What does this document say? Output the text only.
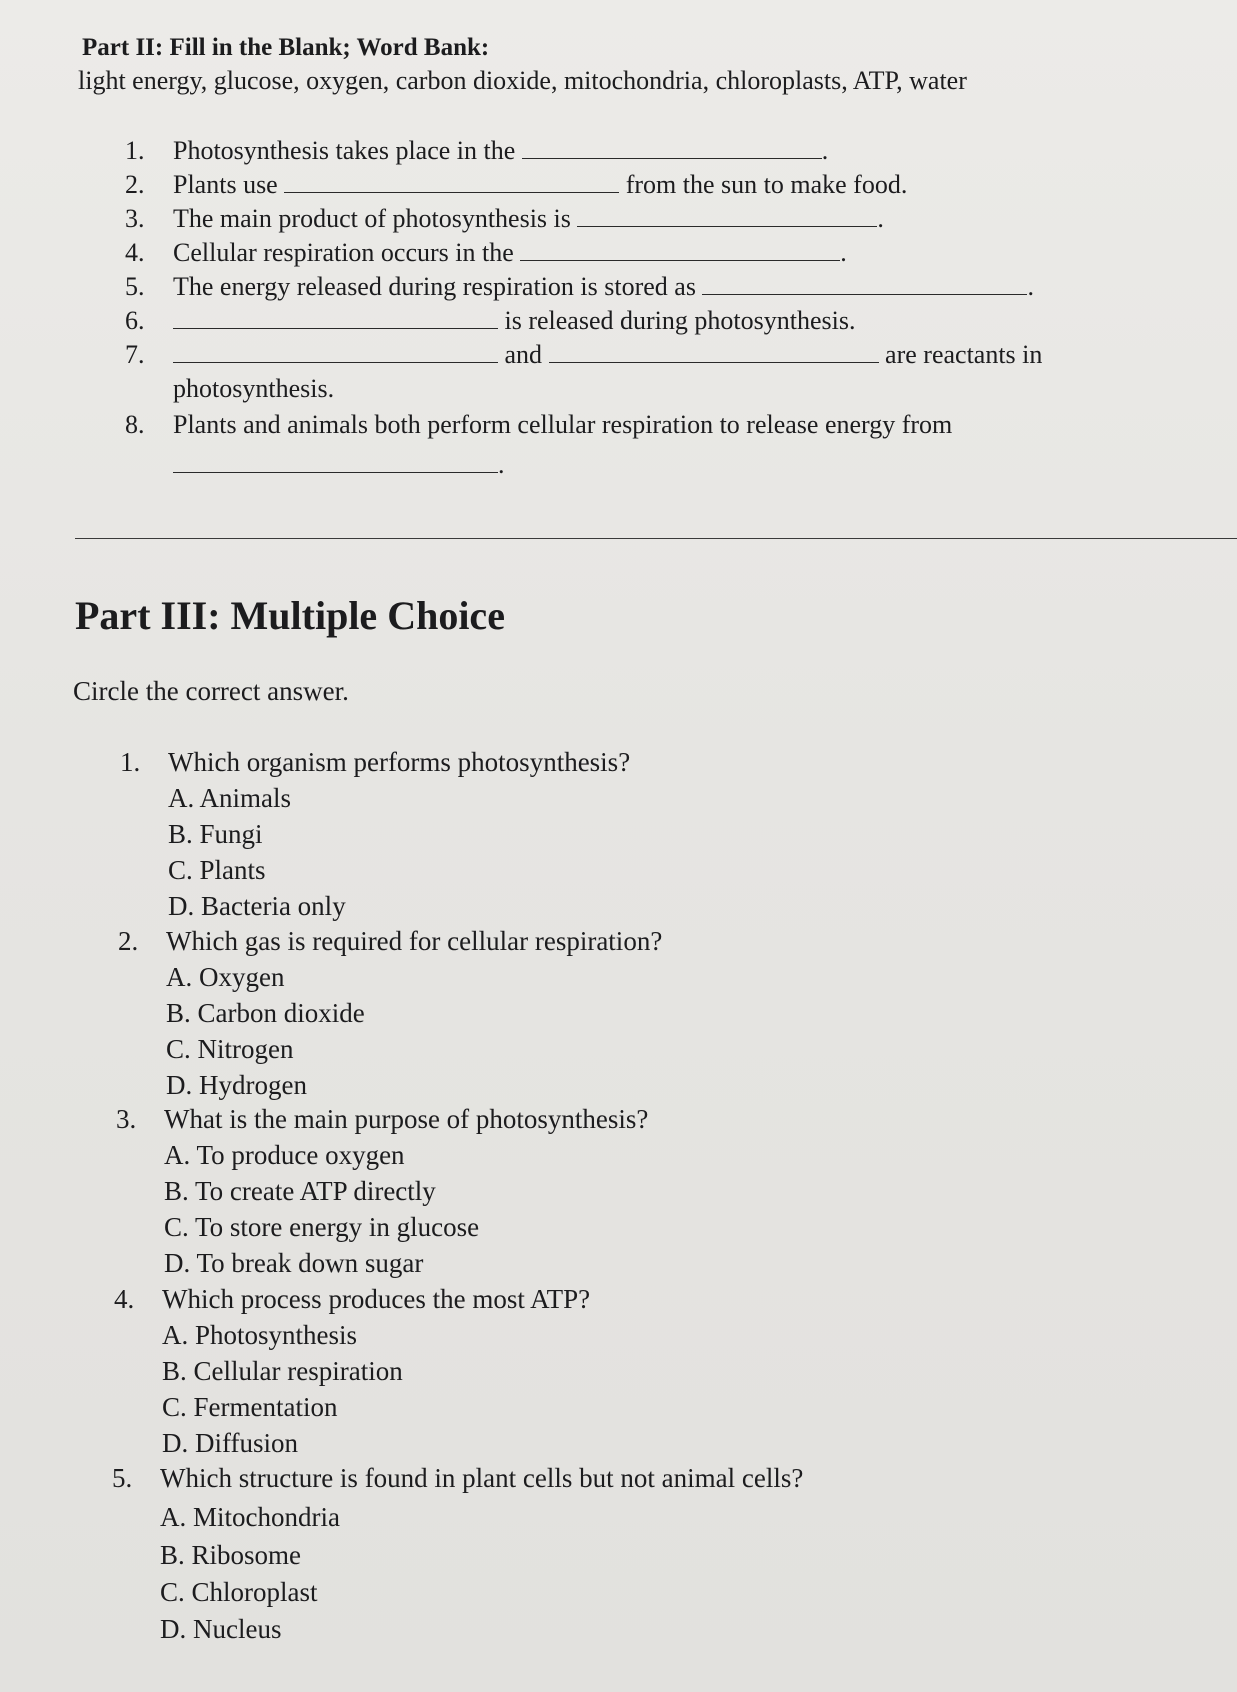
Part II: Fill in the Blank; Word Bank:
light energy, glucose, oxygen, carbon dioxide, mitochondria, chloroplasts, ATP, water
1. Photosynthesis takes place in the	.
2. Plants use	from the sun to make food.
3. The main product of photosynthesis is	.
4. Cellular respiration occurs in the	.
5. The energy released during respiration is stored as	.
6.	is released during photosynthesis.
7.	and	are reactants in
photosynthesis.
8. Plants and animals both perform cellular respiration to release energy from
.
Part III: Multiple Choice
Circle the correct answer.
1. Which organism performs photosynthesis?
A. Animals
B. Fungi
C. Plants
D. Bacteria only
2. Which gas is required for cellular respiration?
A. Oxygen
B. Carbon dioxide
C. Nitrogen
D. Hydrogen
3. What is the main purpose of photosynthesis?
A. To produce oxygen
B. To create ATP directly
C. To store energy in glucose
D. To break down sugar
4. Which process produces the most ATP?
A. Photosynthesis
B. Cellular respiration
C. Fermentation
D. Diffusion
5. Which structure is found in plant cells but not animal cells?
A. Mitochondria
B. Ribosome
C. Chloroplast
D. Nucleus
